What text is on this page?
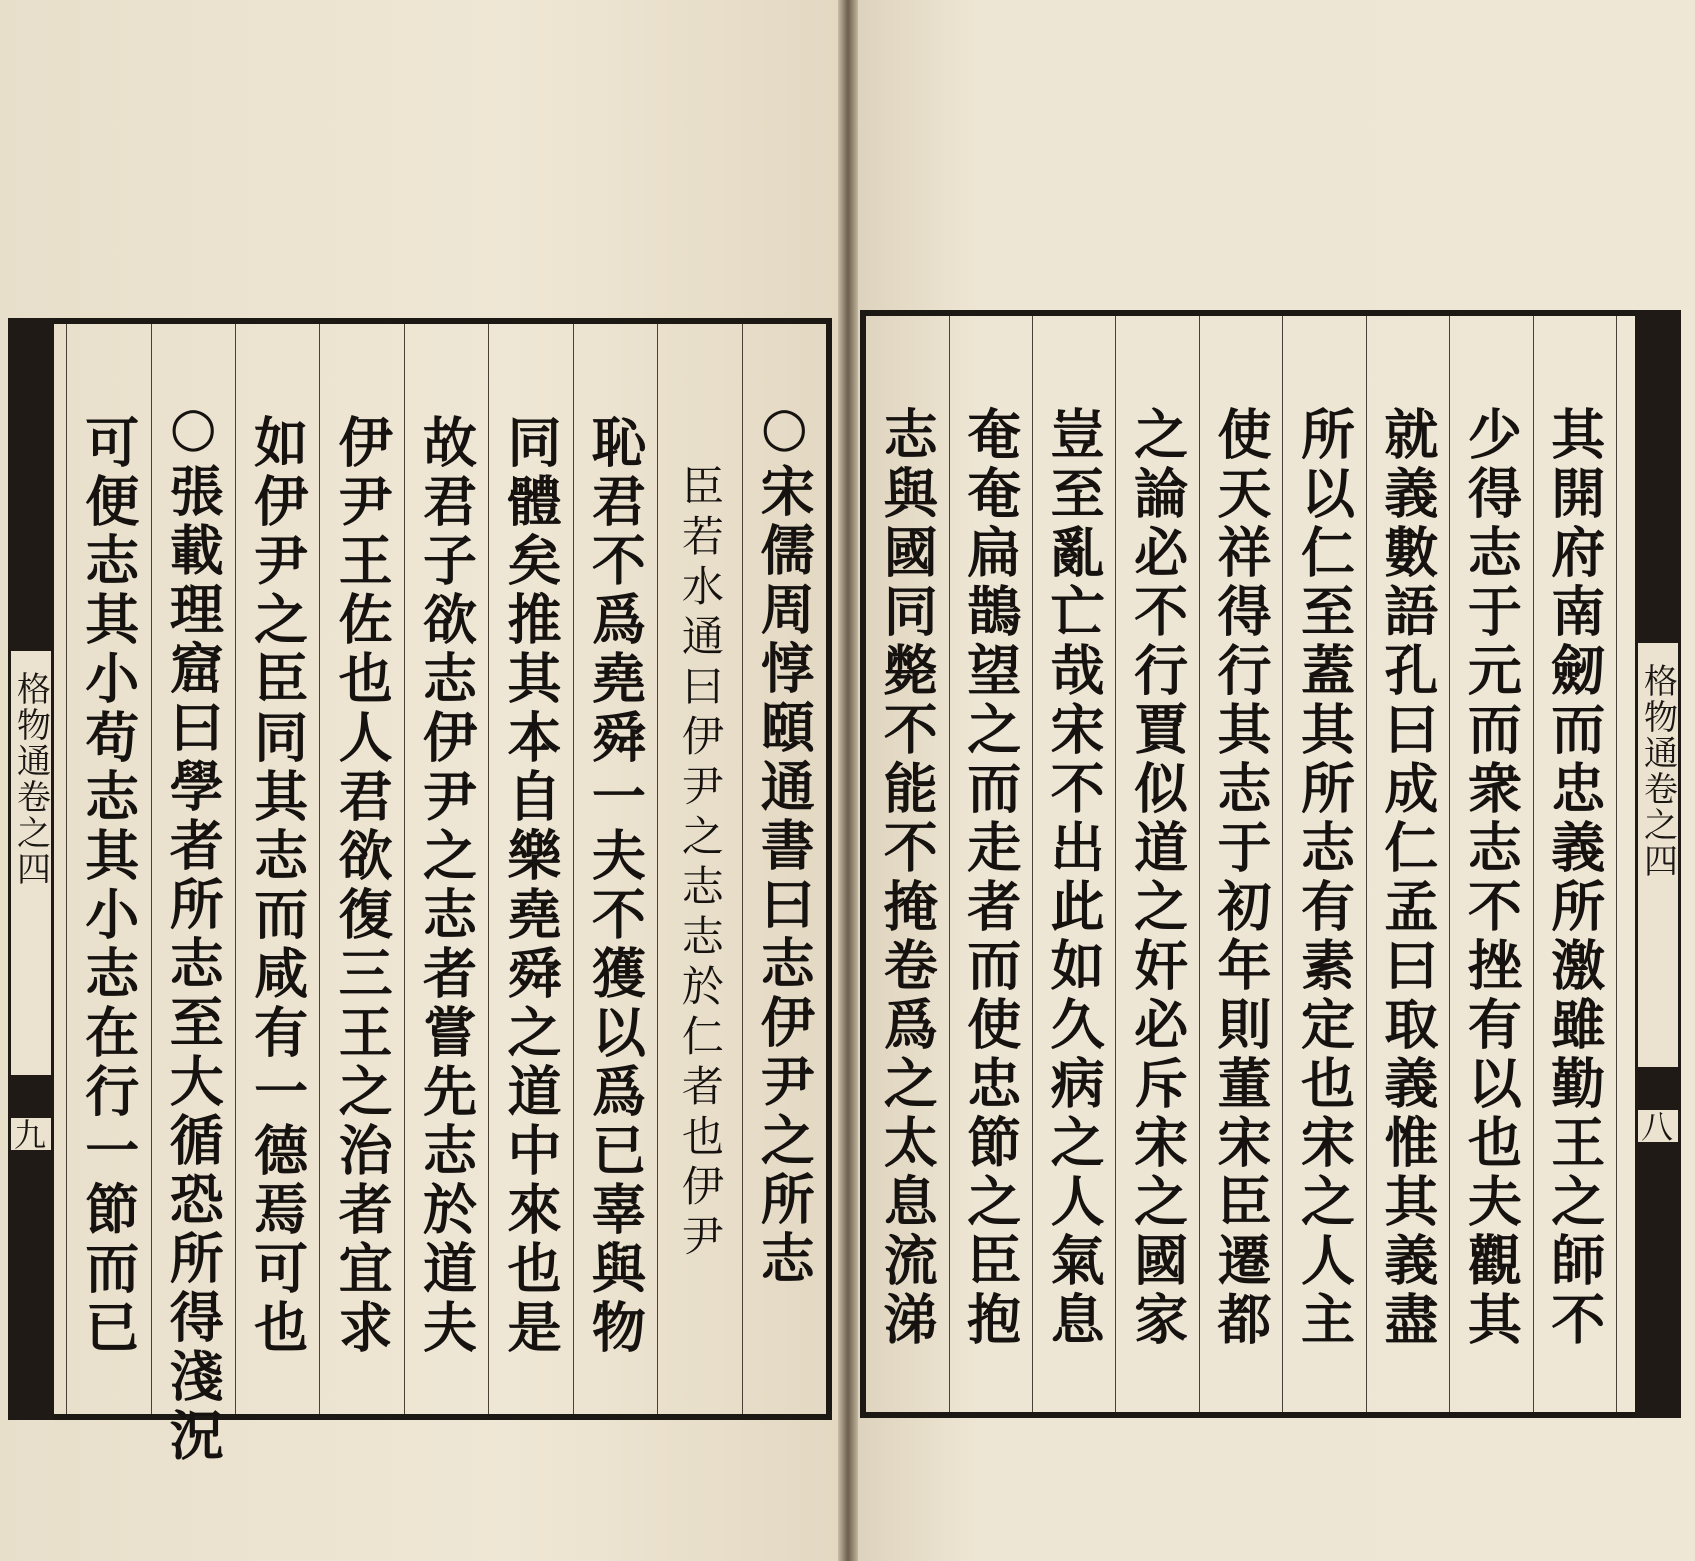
其開府南劒而忠義所激雖勤王之師不
少得志于元而衆志不挫有以也夫觀其
就義數語孔曰成仁孟曰取義惟其義盡
所以仁至蓋其所志有素定也宋之人主
使天祥得行其志于初年則董宋臣遷都
之論必不行賈似道之奸必斥宋之國家
豈至亂亡哉宋不出此如久病之人氣息
奄奄扁鵲望之而走者而使忠節之臣抱
志與國同斃不能不掩卷爲之太息流涕	格物通卷之四
八
○宋儒周惇頤通書曰志伊尹之所志
臣若水通曰伊尹之志志於仁者也伊尹
恥君不爲堯舜一夫不獲以爲已辜與物
同體矣推其本自樂堯舜之道中來也是
故君子欲志伊尹之志者嘗先志於道夫
伊尹王佐也人君欲復三王之治者宜求
如伊尹之臣同其志而咸有一德焉可也
○張載理窟曰學者所志至大循恐所得淺況
可便志其小苟志其小志在行一節而已
格物通卷之四
九
